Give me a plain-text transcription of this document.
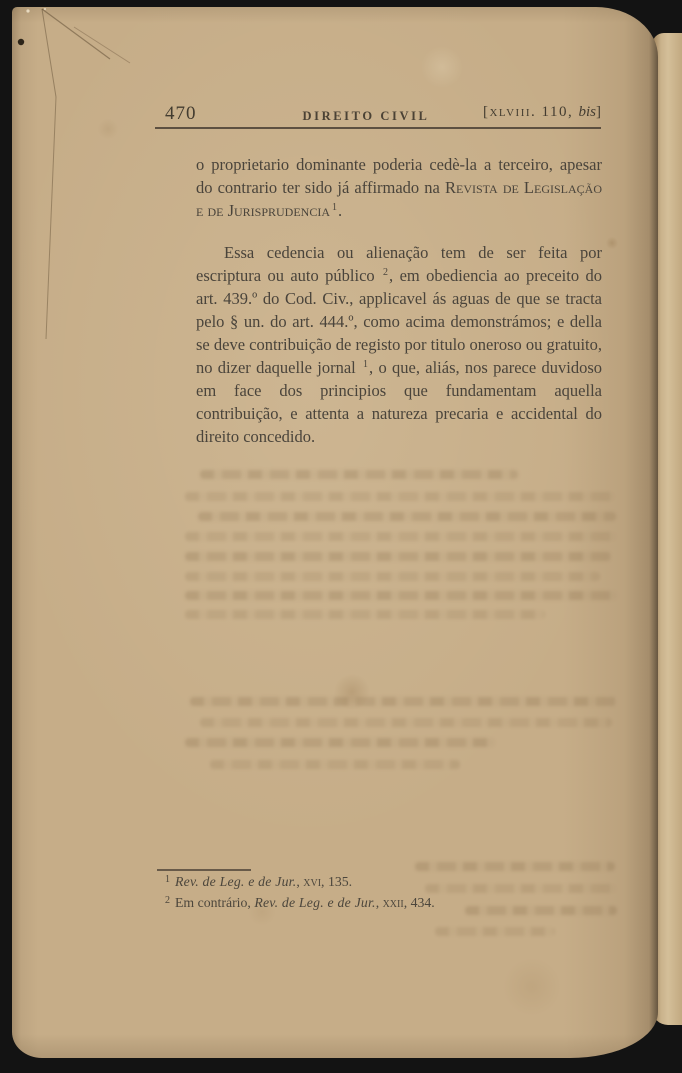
470	DIREITO CIVIL	[xlviii. 110, bis]

o proprietario dominante poderia cedè-la a terceiro, apesar do contrario ter sido já affirmado na Revista de Legislação e de Jurisprudencia $^1$.

Essa cedencia ou alienação tem de ser feita por escriptura ou auto público $^2$, em obediencia ao preceito do art. 439.º do Cod. Civ., applicavel ás aguas de que se tracta pelo § un. do art. 444.º, como acima demonstrámos; e della se deve contribuição de registo por titulo oneroso ou gratuito, no dizer daquelle jornal $^1$, o que, aliás, nos parece duvidoso em face dos principios que fundamentam aquella contribuição, e attenta a natureza precaria e accidental do direito concedido.

$^1$ Rev. de Leg. e de Jur., xvi, 135.
$^2$ Em contrário, Rev. de Leg. e de Jur., xxii, 434.
